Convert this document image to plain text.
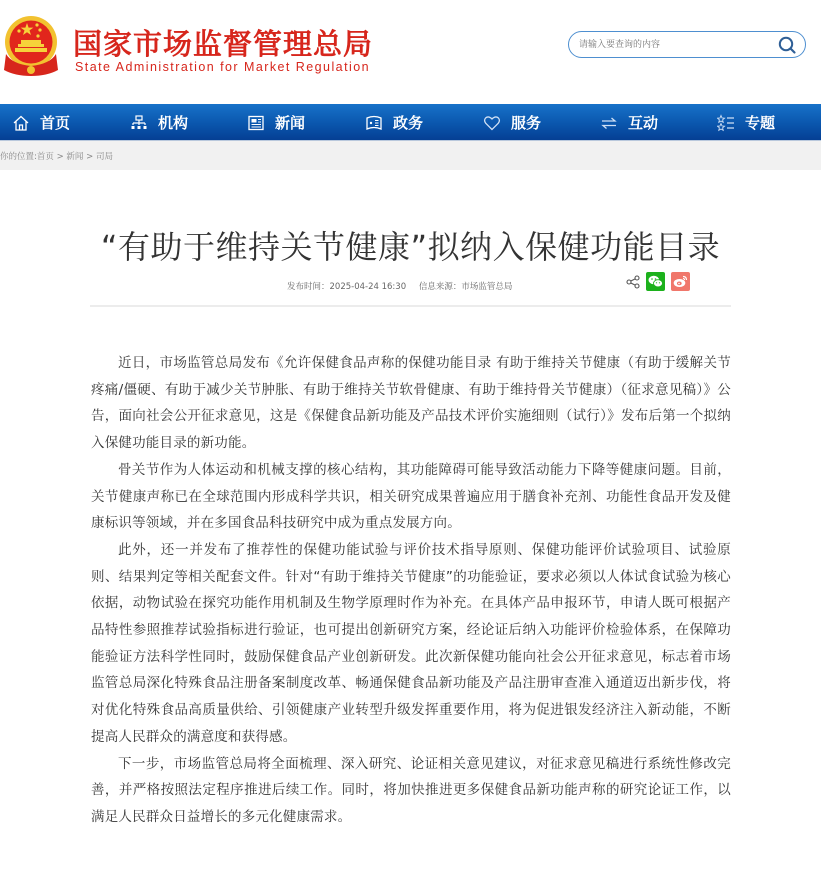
国家市场监督管理总局
State Administration for Market Regulation
请输入要查询的内容
首页	机构	新闻	政务	服务	互动	专题
你的位置:首页 > 新闻 > 司局
“有助于维持关节健康”拟纳入保健功能目录
发布时间：2025-04-24 16:30 信息来源：市场监管总局

近日，市场监管总局发布《允许保健食品声称的保健功能目录 有助于维持关节健康（有助于缓解关节疼痛/僵硬、有助于减少关节肿胀、有助于维持关节软骨健康、有助于维持骨关节健康）（征求意见稿）》公告，面向社会公开征求意见，这是《保健食品新功能及产品技术评价实施细则（试行）》发布后第一个拟纳入保健功能目录的新功能。

骨关节作为人体运动和机械支撑的核心结构，其功能障碍可能导致活动能力下降等健康问题。目前，关节健康声称已在全球范围内形成科学共识，相关研究成果普遍应用于膳食补充剂、功能性食品开发及健康标识等领域，并在多国食品科技研究中成为重点发展方向。

此外，还一并发布了推荐性的保健功能试验与评价技术指导原则、保健功能评价试验项目、试验原则、结果判定等相关配套文件。针对“有助于维持关节健康”的功能验证，要求必须以人体试食试验为核心依据，动物试验在探究功能作用机制及生物学原理时作为补充。在具体产品申报环节，申请人既可根据产品特性参照推荐试验指标进行验证，也可提出创新研究方案，经论证后纳入功能评价检验体系，在保障功能验证方法科学性同时，鼓励保健食品产业创新研发。此次新保健功能向社会公开征求意见，标志着市场监管总局深化特殊食品注册备案制度改革、畅通保健食品新功能及产品注册审查准入通道迈出新步伐，将对优化特殊食品高质量供给、引领健康产业转型升级发挥重要作用，将为促进银发经济注入新动能，不断提高人民群众的满意度和获得感。

下一步，市场监管总局将全面梳理、深入研究、论证相关意见建议，对征求意见稿进行系统性修改完善，并严格按照法定程序推进后续工作。同时，将加快推进更多保健食品新功能声称的研究论证工作，以满足人民群众日益增长的多元化健康需求。
